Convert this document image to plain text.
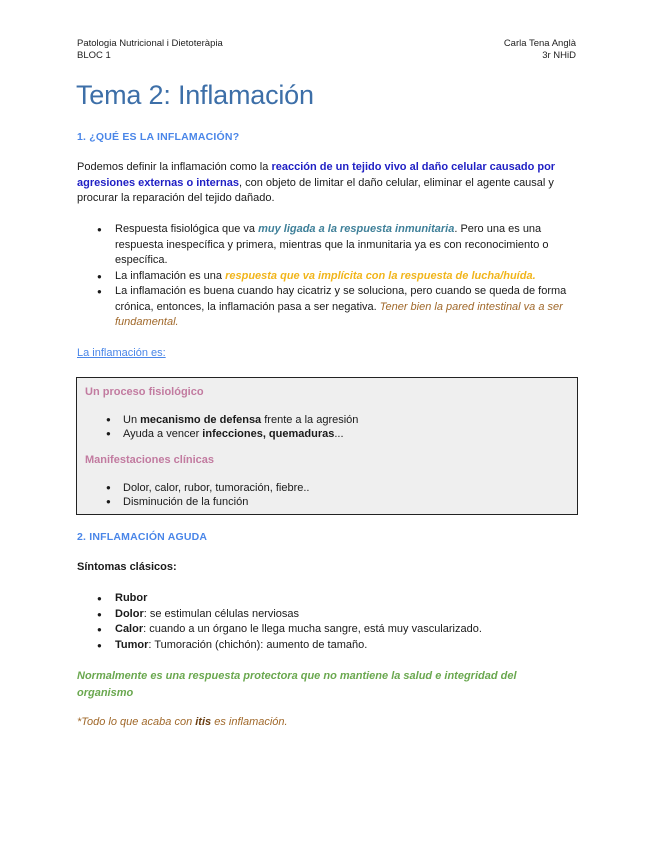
Patologia Nutricional i Dietoteràpia
BLOC 1
Carla Tena Anglà
3r NHiD
Tema 2: Inflamación
1. ¿QUÉ ES LA INFLAMACIÓN?
Podemos definir la inflamación como la reacción de un tejido vivo al daño celular causado por agresiones externas o internas, con objeto de limitar el daño celular, eliminar el agente causal y procurar la reparación del tejido dañado.
● Respuesta fisiológica que va muy ligada a la respuesta inmunitaria. Pero una es una respuesta inespecífica y primera, mientras que la inmunitaria ya es con reconocimiento o específica.
● La inflamación es una respuesta que va implícita con la respuesta de lucha/huída.
● La inflamación es buena cuando hay cicatriz y se soluciona, pero cuando se queda de forma crónica, entonces, la inflamación pasa a ser negativa. Tener bien la pared intestinal va a ser fundamental.
La inflamación es:
Un proceso fisiológico
● Un mecanismo de defensa frente a la agresión
● Ayuda a vencer infecciones, quemaduras...
Manifestaciones clínicas
● Dolor, calor, rubor, tumoración, fiebre..
● Disminución de la función
2. INFLAMACIÓN AGUDA
Síntomas clásicos:
● Rubor
● Dolor: se estimulan células nerviosas
● Calor: cuando a un órgano le llega mucha sangre, está muy vascularizado.
● Tumor: Tumoración (chichón): aumento de tamaño.
Normalmente es una respuesta protectora que no mantiene la salud e integridad del organismo
*Todo lo que acaba con itis es inflamación.
